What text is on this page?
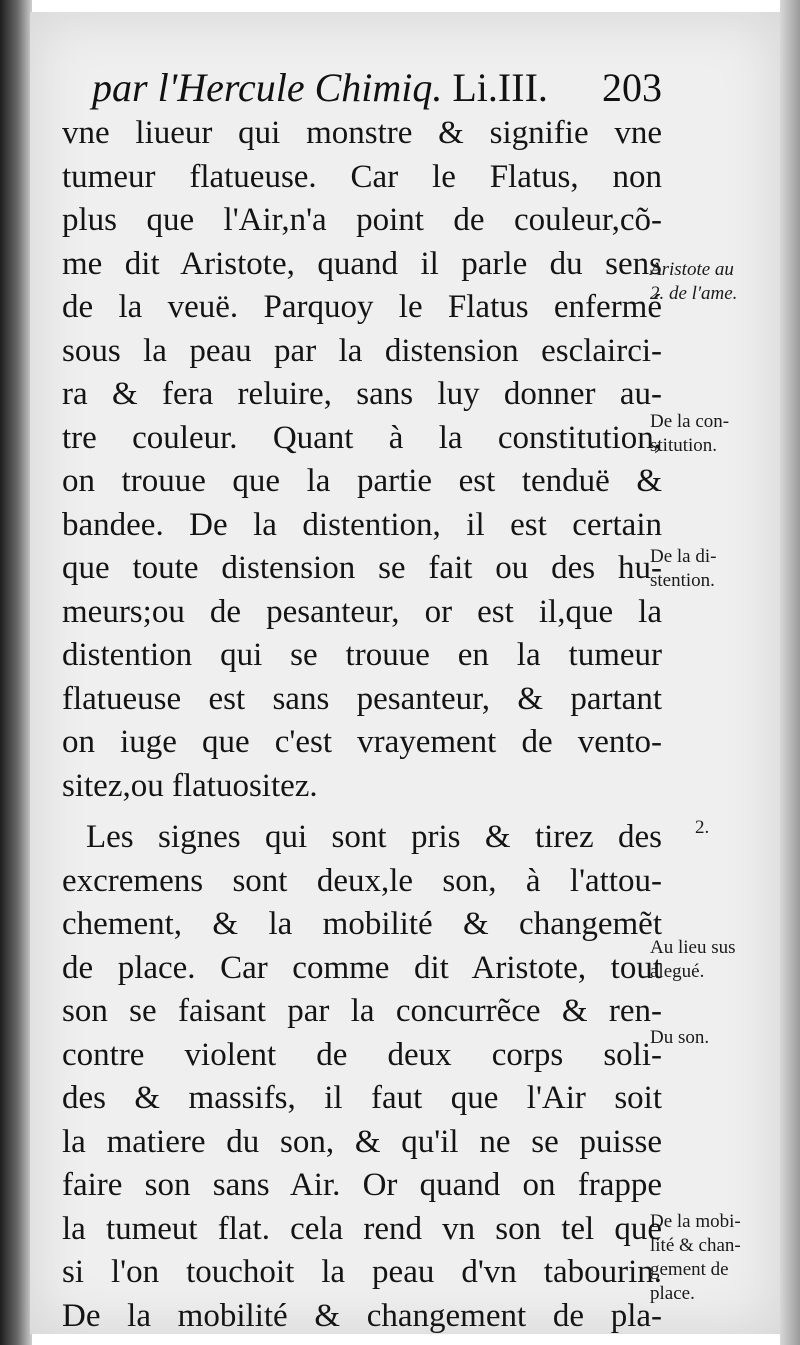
par l'Hercule Chimiq. Li.III. 203
vne liueur qui monstre & signifie vne
tumeur flatueuse. Car le Flatus, non
plus que l'Air,n'a point de couleur,cõ-
me dit Aristote, quand il parle du sens
de la veuë. Parquoy le Flatus enfermé
sous la peau par la distension esclairci-
ra & fera reluire, sans luy donner au-
tre couleur. Quant à la constitution,
on trouue que la partie est tenduë &
bandee. De la distention, il est certain
que toute distension se fait ou des hu-
meurs;ou de pesanteur, or est il,que la
distention qui se trouue en la tumeur
flatueuse est sans pesanteur, & partant
on iuge que c'est vrayement de vento-
sitez,ou flatuositez.
Les signes qui sont pris & tirez des
excremens sont deux,le son, à l'attou-
chement, & la mobilité & changemẽt
de place. Car comme dit Aristote, tout
son se faisant par la concurrẽce & ren-
contre violent de deux corps soli-
des & massifs, il faut que l'Air soit
la matiere du son, & qu'il ne se puisse
faire son sans Air. Or quand on frappe
la tumeut flat. cela rend vn son tel que
si l'on touchoit la peau d'vn tabourin.
De la mobilité & changement de pla-
Aristote au
2. de l'ame.
De la con-
stitution.
De la di-
stention.
2.
Au lieu sus
alegué.
Du son.
De la mobi-
lité & chan-
gement de
place.
